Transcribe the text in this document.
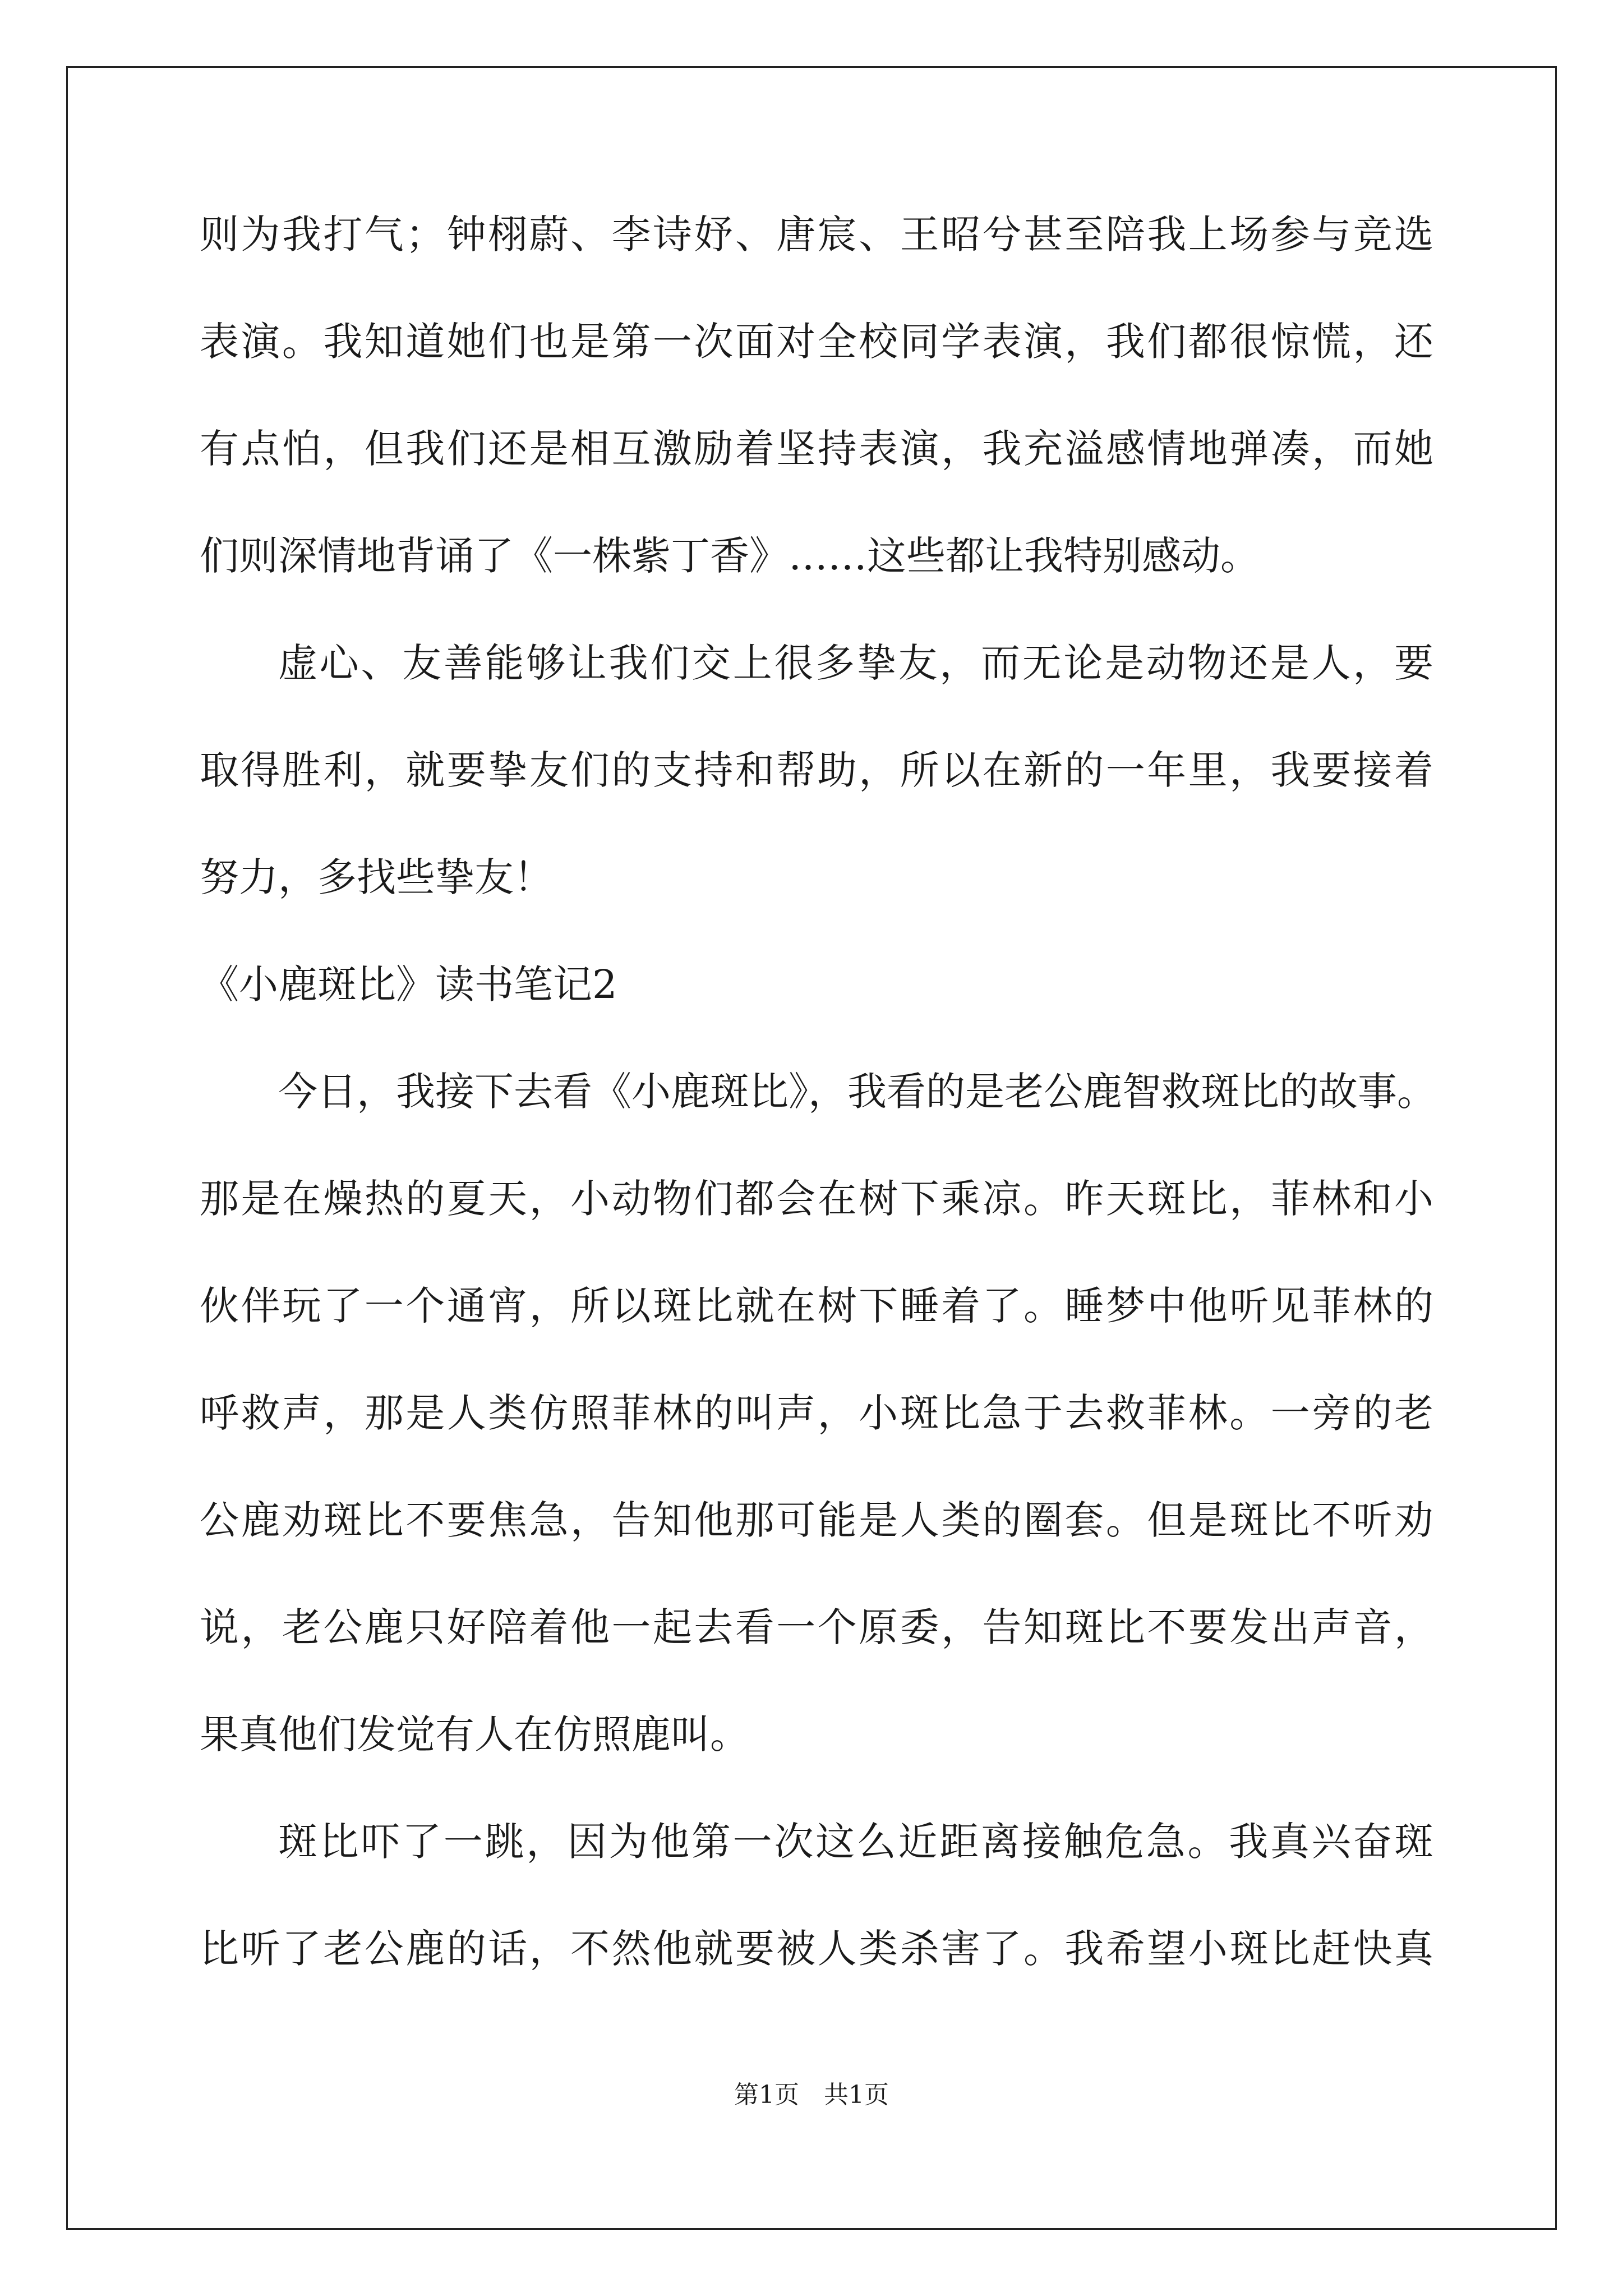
则为我打气；钟栩蔚、李诗妤、唐宸、王昭兮甚至陪我上场参与竞选

表演。我知道她们也是第一次面对全校同学表演，我们都很惊慌，还

有点怕，但我们还是相互激励着坚持表演，我充溢感情地弹凑，而她

们则深情地背诵了《一株紫丁香》……这些都让我特别感动。

虚心、友善能够让我们交上很多挚友，而无论是动物还是人，要

取得胜利，就要挚友们的支持和帮助，所以在新的一年里，我要接着

努力，多找些挚友！

《小鹿斑比》读书笔记2

今日，我接下去看《小鹿斑比》，我看的是老公鹿智救斑比的故事。

那是在燥热的夏天，小动物们都会在树下乘凉。昨天斑比，菲林和小

伙伴玩了一个通宵，所以斑比就在树下睡着了。睡梦中他听见菲林的

呼救声，那是人类仿照菲林的叫声，小斑比急于去救菲林。一旁的老

公鹿劝斑比不要焦急，告知他那可能是人类的圈套。但是斑比不听劝

说，老公鹿只好陪着他一起去看一个原委，告知斑比不要发出声音，

果真他们发觉有人在仿照鹿叫。

斑比吓了一跳，因为他第一次这么近距离接触危急。我真兴奋斑

比听了老公鹿的话，不然他就要被人类杀害了。我希望小斑比赶快真

第1页　共1页
